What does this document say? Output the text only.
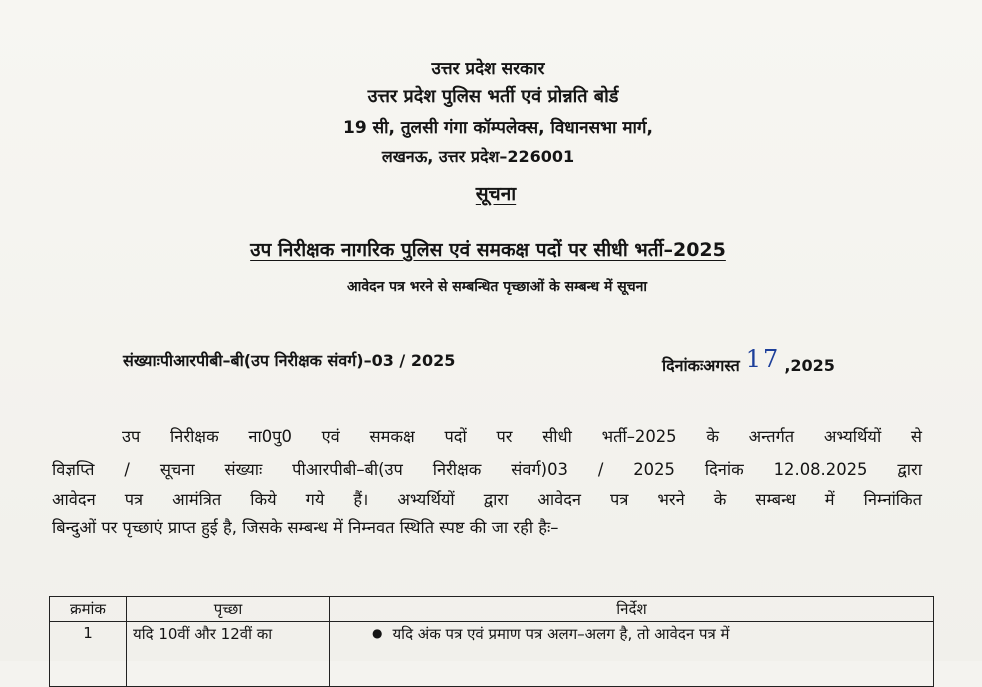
उत्तर प्रदेश सरकार
उत्तर प्रदेश पुलिस भर्ती एवं प्रोन्नति बोर्ड
19 सी, तुलसी गंगा कॉम्पलेक्स, विधानसभा मार्ग,
लखनऊ, उत्तर प्रदेश–226001
सूचना
उप निरीक्षक नागरिक पुलिस एवं समकक्ष पदों पर सीधी भर्ती–2025
आवेदन पत्र भरने से सम्बन्धित पृच्छाओं के सम्बन्ध में सूचना
संख्याःपीआरपीबी–बी(उप निरीक्षक संवर्ग)–03 / 2025	दिनांकःअगस्त 17 ,2025
उप निरीक्षक ना0पु0 एवं समकक्ष पदों पर सीधी भर्ती–2025 के अन्तर्गत अभ्यर्थियों से
विज्ञप्ति / सूचना संख्याः पीआरपीबी–बी(उप निरीक्षक संवर्ग)03 / 2025 दिनांक 12.08.2025 द्वारा
आवेदन पत्र आमंत्रित किये गये हैं। अभ्यर्थियों द्वारा आवेदन पत्र भरने के सम्बन्ध में निम्नांकित
बिन्दुओं पर पृच्छाएं प्राप्त हुई है, जिसके सम्बन्ध में निम्नवत स्थिति स्पष्ट की जा रही हैः–
क्रमांक	पृच्छा	निर्देश
1	यदि 10वीं और 12वीं का	● यदि अंक पत्र एवं प्रमाण पत्र अलग–अलग है, तो आवेदन पत्र में
